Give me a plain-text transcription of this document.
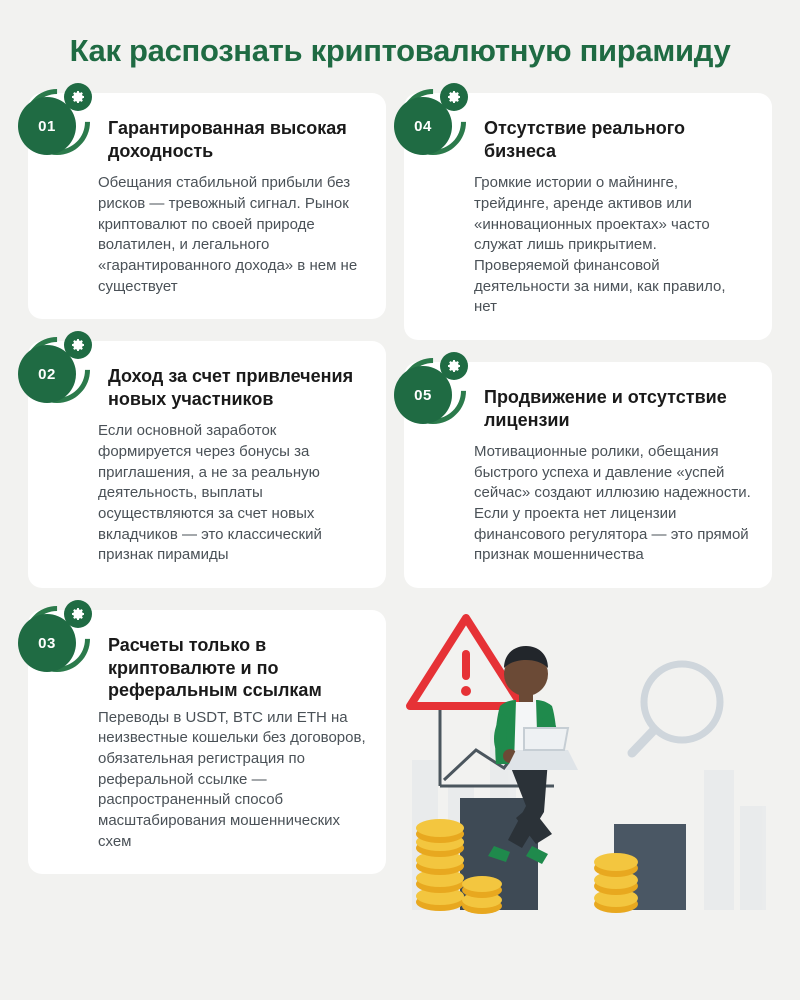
Как распознать криптовалютную пирамиду
01	Гарантированная высокая доходность
Обещания стабильной прибыли без рисков — тревожный сигнал. Рынок криптовалют по своей природе волатилен, и легального «гарантированного дохода» в нем не существует
02	Доход за счет привлечения новых участников
Если основной заработок формируется через бонусы за приглашения, а не за реальную деятельность, выплаты осуществляются за счет новых вкладчиков — это классический признак пирамиды
03	Расчеты только в криптовалюте и по реферальным ссылкам
Переводы в USDT, BTC или ETH на неизвестные кошельки без договоров, обязательная регистрация по реферальной ссылке — распространенный способ масштабирования мошеннических схем
04	Отсутствие реального бизнеса
Громкие истории о майнинге, трейдинге, аренде активов или «инновационных проектах» часто служат лишь прикрытием. Проверяемой финансовой деятельности за ними, как правило, нет
05	Продвижение и отсутствие лицензии
Мотивационные ролики, обещания быстрого успеха и давление «успей сейчас» создают иллюзию надежности. Если у проекта нет лицензии финансового регулятора — это прямой признак мошенничества
